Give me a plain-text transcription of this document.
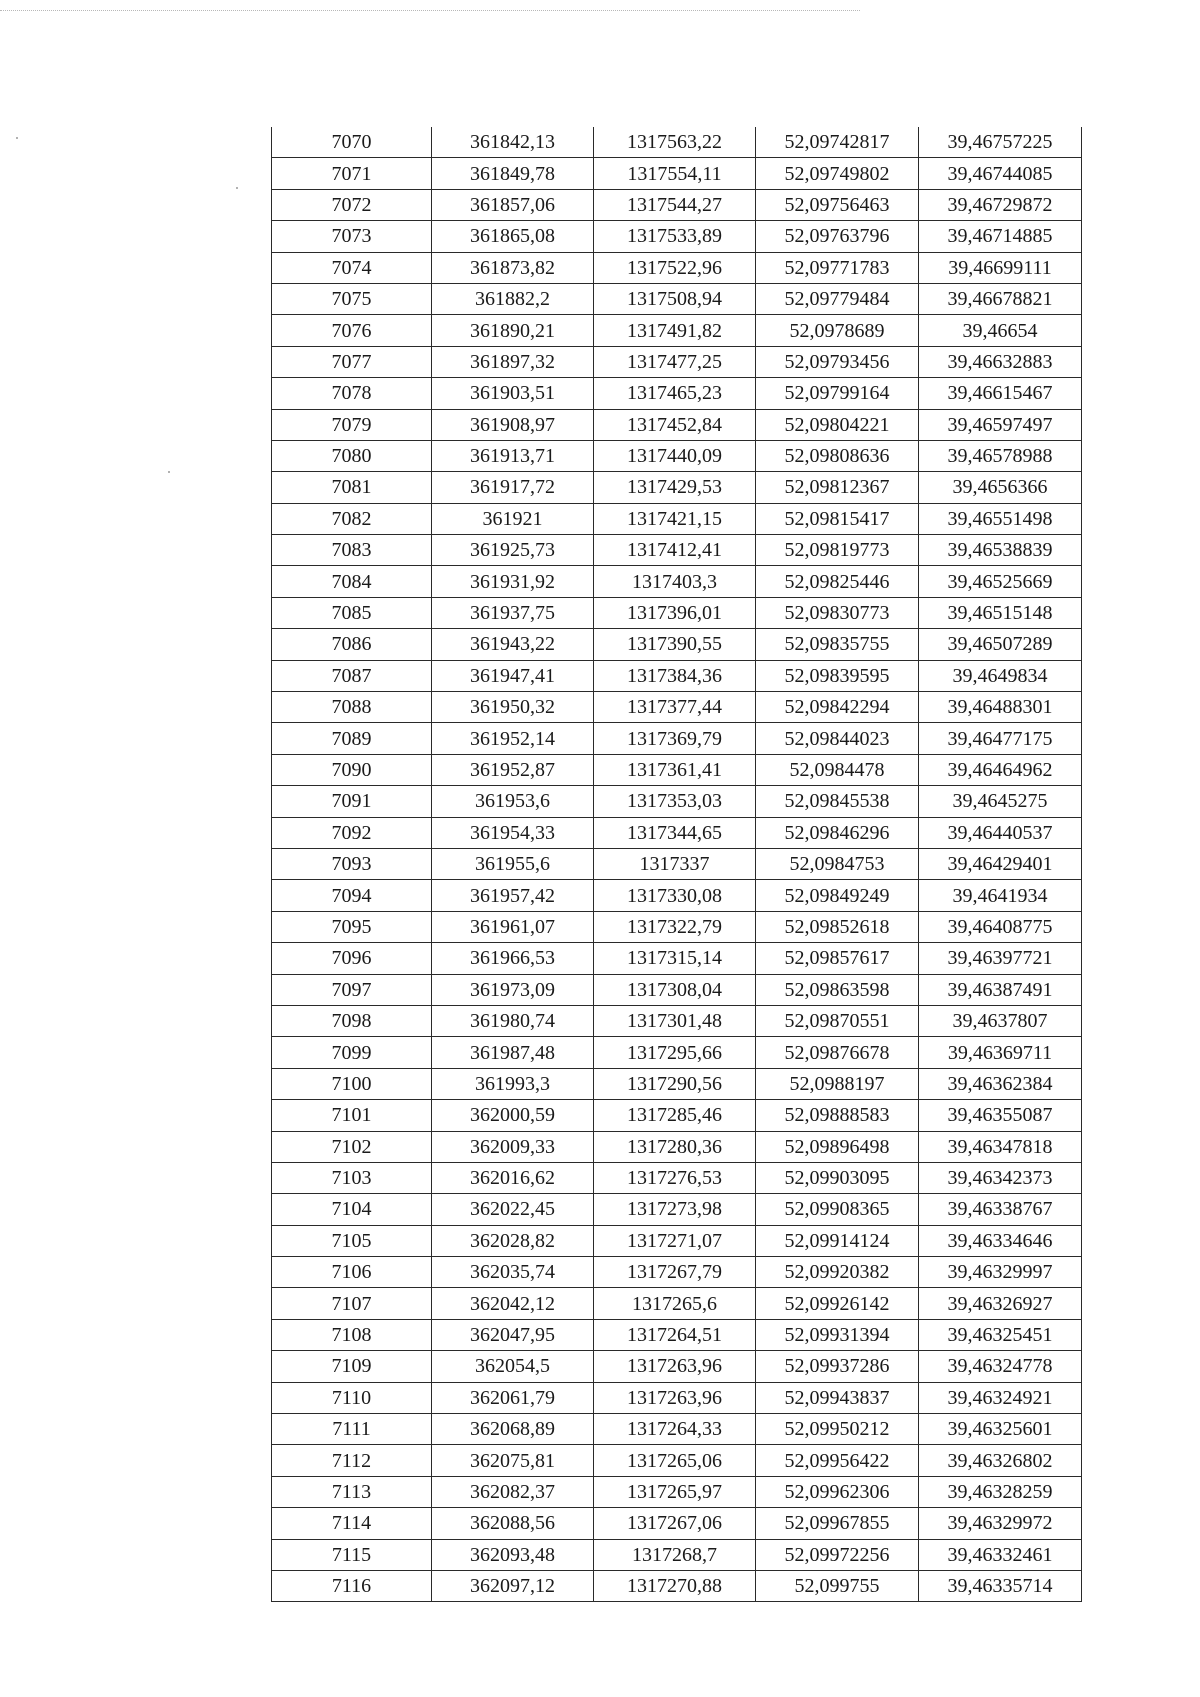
7070	361842,13	1317563,22	52,09742817	39,46757225
7071	361849,78	1317554,11	52,09749802	39,46744085
7072	361857,06	1317544,27	52,09756463	39,46729872
7073	361865,08	1317533,89	52,09763796	39,46714885
7074	361873,82	1317522,96	52,09771783	39,46699111
7075	361882,2	1317508,94	52,09779484	39,46678821
7076	361890,21	1317491,82	52,0978689	39,46654
7077	361897,32	1317477,25	52,09793456	39,46632883
7078	361903,51	1317465,23	52,09799164	39,46615467
7079	361908,97	1317452,84	52,09804221	39,46597497
7080	361913,71	1317440,09	52,09808636	39,46578988
7081	361917,72	1317429,53	52,09812367	39,4656366
7082	361921	1317421,15	52,09815417	39,46551498
7083	361925,73	1317412,41	52,09819773	39,46538839
7084	361931,92	1317403,3	52,09825446	39,46525669
7085	361937,75	1317396,01	52,09830773	39,46515148
7086	361943,22	1317390,55	52,09835755	39,46507289
7087	361947,41	1317384,36	52,09839595	39,4649834
7088	361950,32	1317377,44	52,09842294	39,46488301
7089	361952,14	1317369,79	52,09844023	39,46477175
7090	361952,87	1317361,41	52,0984478	39,46464962
7091	361953,6	1317353,03	52,09845538	39,4645275
7092	361954,33	1317344,65	52,09846296	39,46440537
7093	361955,6	1317337	52,0984753	39,46429401
7094	361957,42	1317330,08	52,09849249	39,4641934
7095	361961,07	1317322,79	52,09852618	39,46408775
7096	361966,53	1317315,14	52,09857617	39,46397721
7097	361973,09	1317308,04	52,09863598	39,46387491
7098	361980,74	1317301,48	52,09870551	39,4637807
7099	361987,48	1317295,66	52,09876678	39,46369711
7100	361993,3	1317290,56	52,0988197	39,46362384
7101	362000,59	1317285,46	52,09888583	39,46355087
7102	362009,33	1317280,36	52,09896498	39,46347818
7103	362016,62	1317276,53	52,09903095	39,46342373
7104	362022,45	1317273,98	52,09908365	39,46338767
7105	362028,82	1317271,07	52,09914124	39,46334646
7106	362035,74	1317267,79	52,09920382	39,46329997
7107	362042,12	1317265,6	52,09926142	39,46326927
7108	362047,95	1317264,51	52,09931394	39,46325451
7109	362054,5	1317263,96	52,09937286	39,46324778
7110	362061,79	1317263,96	52,09943837	39,46324921
7111	362068,89	1317264,33	52,09950212	39,46325601
7112	362075,81	1317265,06	52,09956422	39,46326802
7113	362082,37	1317265,97	52,09962306	39,46328259
7114	362088,56	1317267,06	52,09967855	39,46329972
7115	362093,48	1317268,7	52,09972256	39,46332461
7116	362097,12	1317270,88	52,099755	39,46335714
